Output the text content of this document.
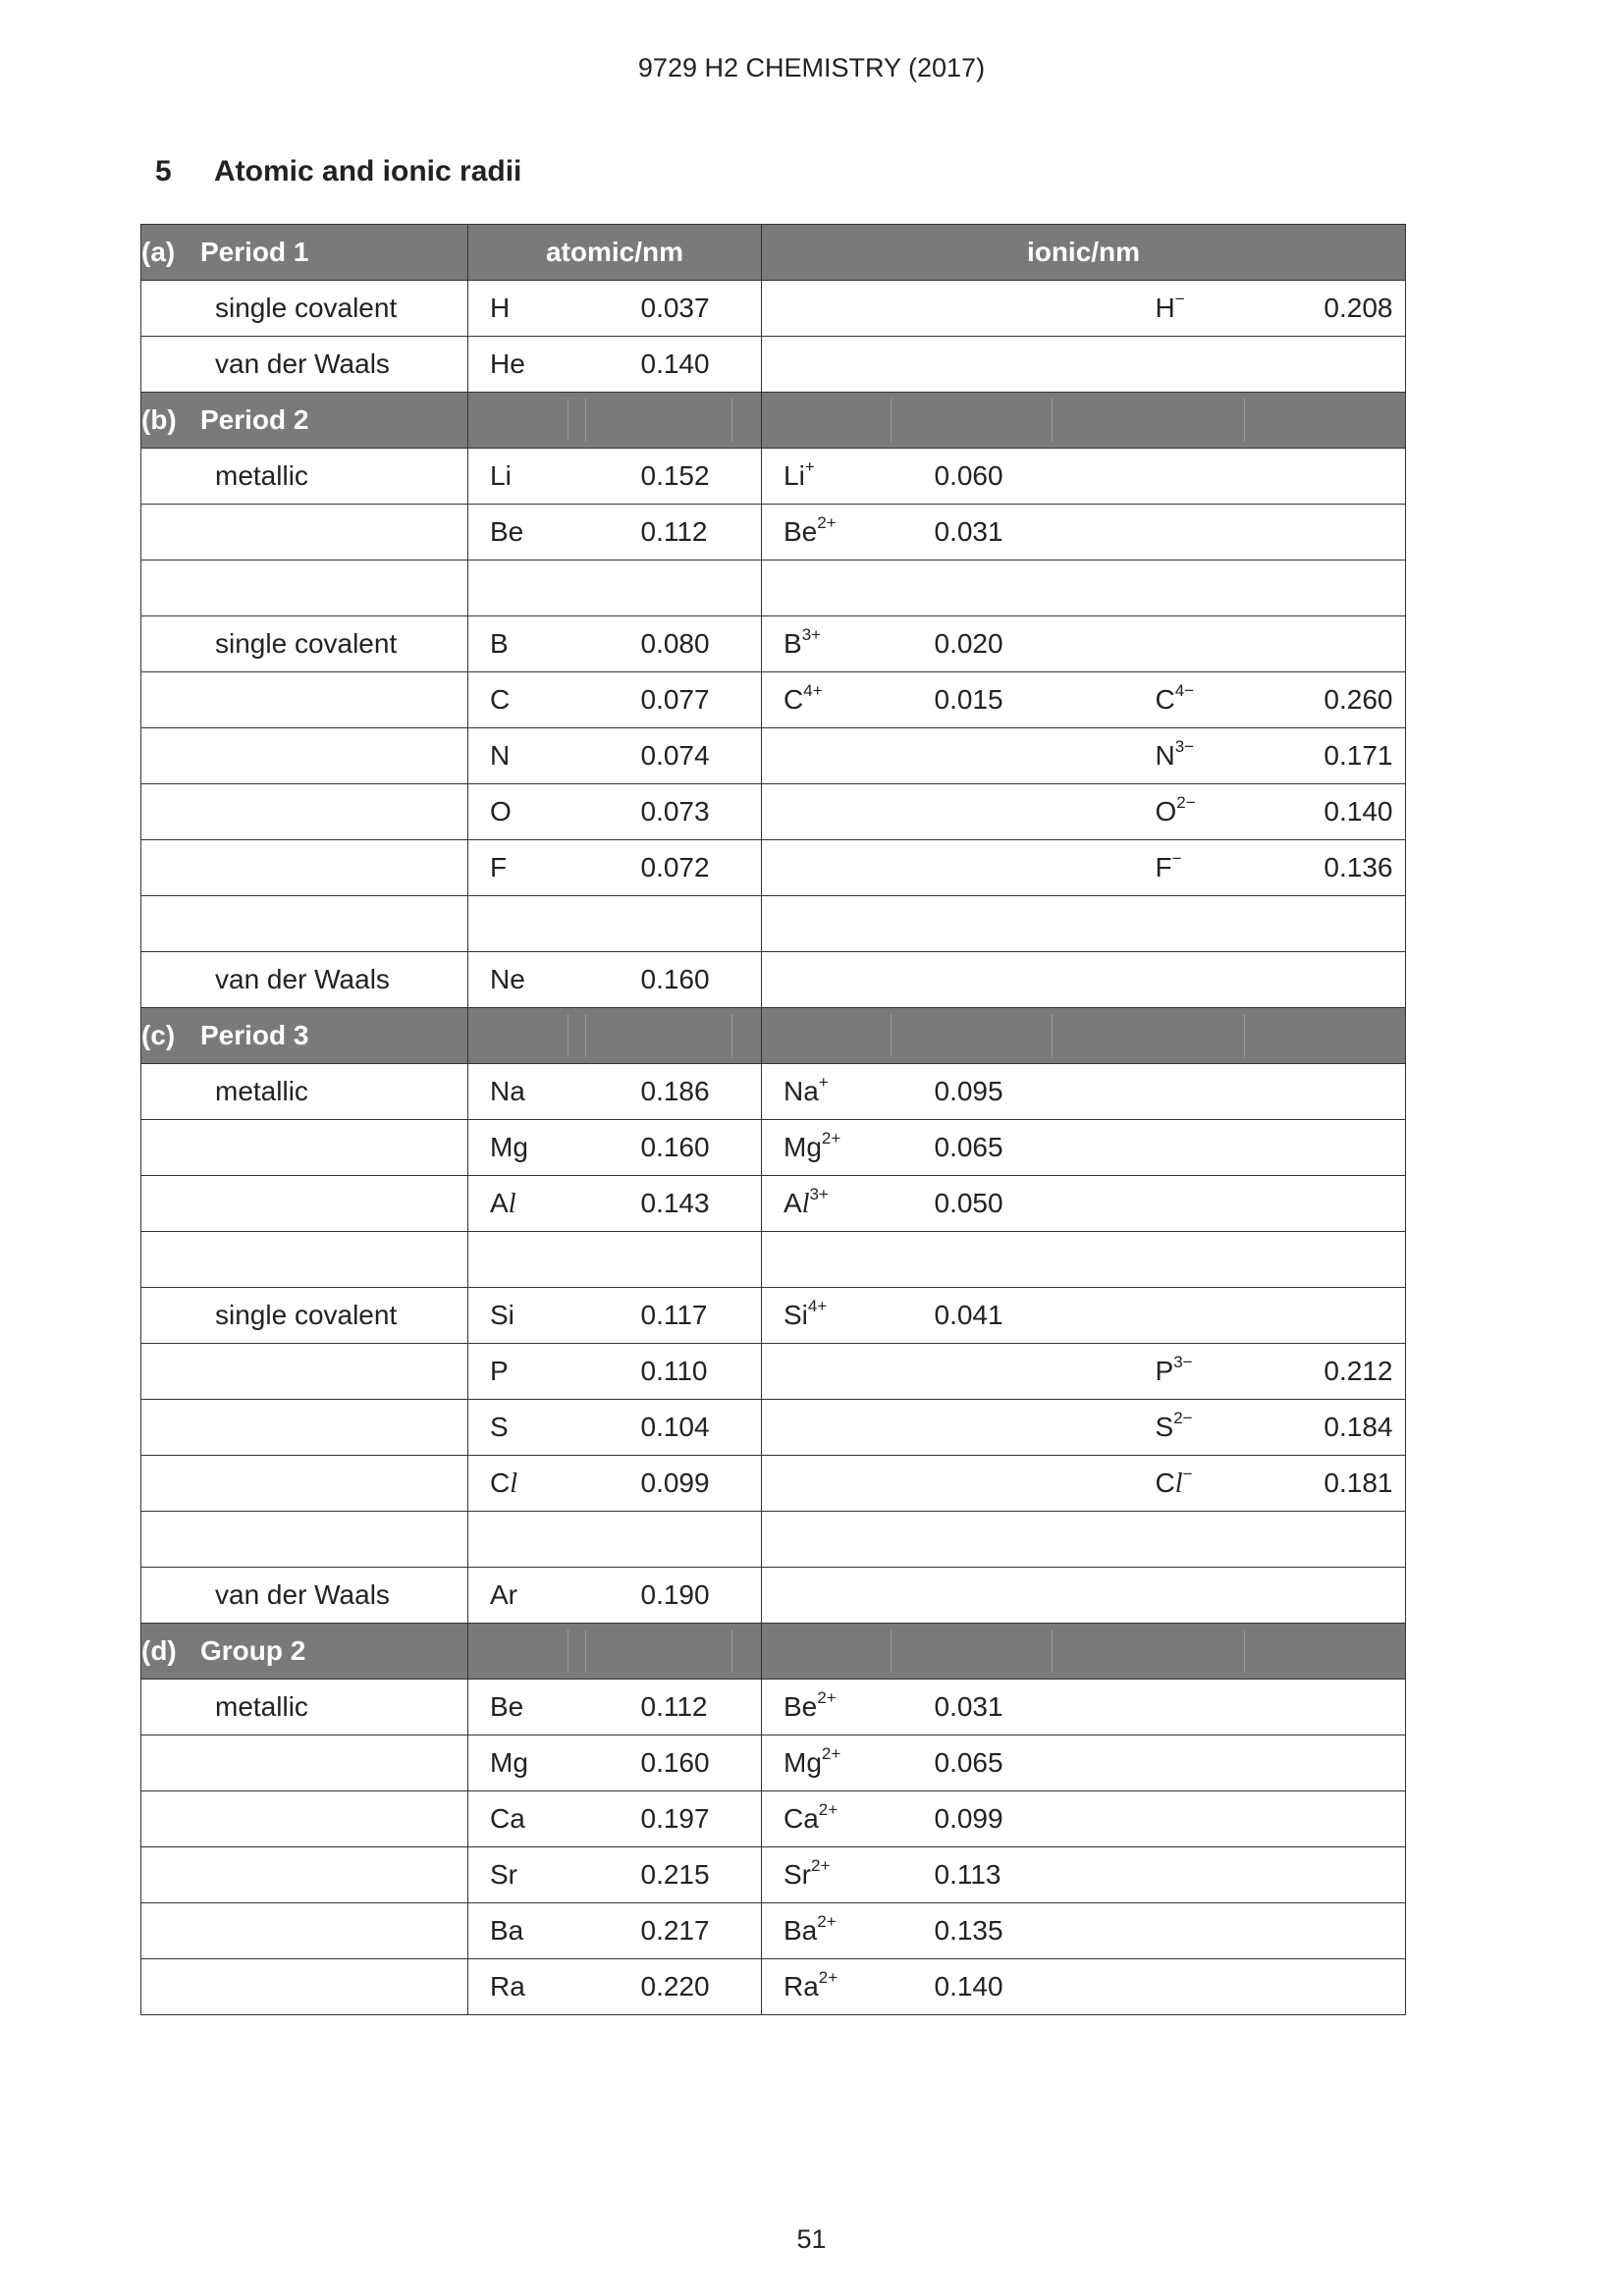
9729 H2 CHEMISTRY (2017)
5 Atomic and ionic radii
(a) Period 1	atomic/nm		ionic/nm			
single covalent	H	0.037			H−	0.208
van der Waals	He	0.140				
(b) Period 2					

metallic	Li	0.152	Li+	0.060		
	Be	0.112	$Be^{2+}$	0.031		

single covalent	B	0.080	$B^{3+}$	0.020		
	C	0.077	$C^{4+}$	0.015	$C^{4-}$	0.260
	N	0.074			$N^{3-}$	0.171
	O	0.073			$O^{2-}$	0.140
	F	0.072			F−	0.136

van der Waals	Ne	0.160				
(c) Period 3					

metallic	Na	0.186	Na+	0.095		
	Mg	0.160	$Mg^{2+}$	0.065		
	Al	0.143	$Al^{3+}$	0.050		

single covalent	Si	0.117	$Si^{4+}$	0.041		
	P	0.110			$P^{3-}$	0.212
	S	0.104			$S^{2-}$	0.184
	Cl	0.099			Cl−	0.181

van der Waals	Ar	0.190				
(d) Group 2					

metallic	Be	0.112	$Be^{2+}$	0.031		
	Mg	0.160	$Mg^{2+}$	0.065		
	Ca	0.197	$Ca^{2+}$	0.099		
	Sr	0.215	$Sr^{2+}$	0.113		
	Ba	0.217	$Ba^{2+}$	0.135		
	Ra	0.220	$Ra^{2+}$	0.140		
51
